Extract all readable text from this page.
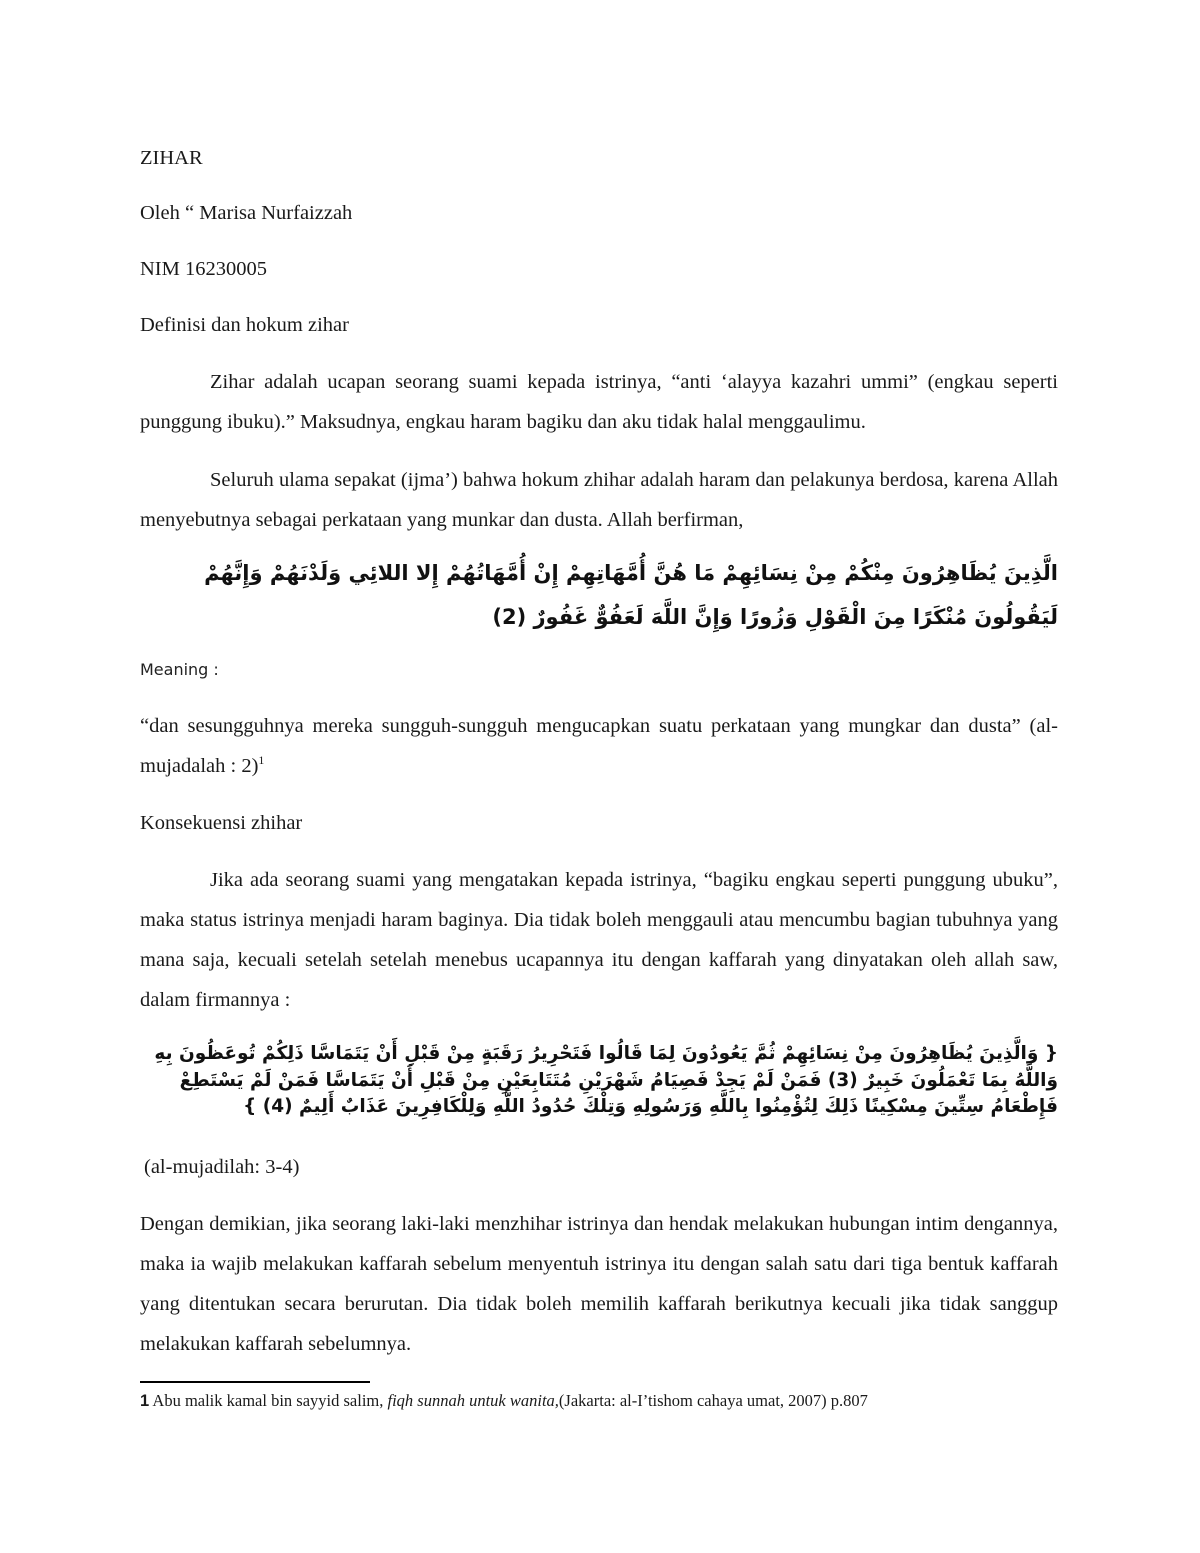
ZIHAR
Oleh “ Marisa Nurfaizzah
NIM 16230005
Definisi dan hokum zihar
Zihar adalah ucapan seorang suami kepada istrinya, “anti ‘alayya kazahri ummi” (engkau seperti punggung ibuku).” Maksudnya, engkau haram bagiku dan aku tidak halal menggaulimu.
Seluruh ulama sepakat (ijma’) bahwa hokum zhihar adalah haram dan pelakunya berdosa, karena Allah menyebutnya sebagai perkataan yang munkar dan dusta. Allah berfirman,
الَّذِينَ يُظَاهِرُونَ مِنْكُمْ مِنْ نِسَائِهِمْ مَا هُنَّ أُمَّهَاتِهِمْ إِنْ أُمَّهَاتُهُمْ إِلا اللائِي وَلَدْنَهُمْ وَإِنَّهُمْ لَيَقُولُونَ مُنْكَرًا مِنَ الْقَوْلِ وَزُورًا وَإِنَّ اللَّهَ لَعَفُوٌّ غَفُورٌ (2)
Meaning :
“dan sesungguhnya mereka sungguh-sungguh mengucapkan suatu perkataan yang mungkar dan dusta” (al-mujadalah : 2)$^1$
Konsekuensi zhihar
Jika ada seorang suami yang mengatakan kepada istrinya, “bagiku engkau seperti punggung ubuku”, maka status istrinya menjadi haram baginya. Dia tidak boleh menggauli atau mencumbu bagian tubuhnya yang mana saja, kecuali setelah setelah menebus ucapannya itu dengan kaffarah yang dinyatakan oleh allah saw, dalam firmannya :
{ وَالَّذِينَ يُظَاهِرُونَ مِنْ نِسَائِهِمْ ثُمَّ يَعُودُونَ لِمَا قَالُوا فَتَحْرِيرُ رَقَبَةٍ مِنْ قَبْلِ أَنْ يَتَمَاسَّا ذَلِكُمْ تُوعَظُونَ بِهِ وَاللَّهُ بِمَا تَعْمَلُونَ خَبِيرٌ (3) فَمَنْ لَمْ يَجِدْ فَصِيَامُ شَهْرَيْنِ مُتَتَابِعَيْنِ مِنْ قَبْلِ أَنْ يَتَمَاسَّا فَمَنْ لَمْ يَسْتَطِعْ فَإِطْعَامُ سِتِّينَ مِسْكِينًا ذَلِكَ لِتُؤْمِنُوا بِاللَّهِ وَرَسُولِهِ وَتِلْكَ حُدُودُ اللَّهِ وَلِلْكَافِرِينَ عَذَابٌ أَلِيمٌ (4) }
(al-mujadilah: 3-4)
Dengan demikian, jika seorang laki-laki menzhihar istrinya dan hendak melakukan hubungan intim dengannya, maka ia wajib melakukan kaffarah sebelum menyentuh istrinya itu dengan salah satu dari tiga bentuk kaffarah yang ditentukan secara berurutan. Dia tidak boleh memilih kaffarah berikutnya kecuali jika tidak sanggup melakukan kaffarah sebelumnya.
1 Abu malik kamal bin sayyid salim, fiqh sunnah untuk wanita,(Jakarta: al-I’tishom cahaya umat, 2007) p.807
